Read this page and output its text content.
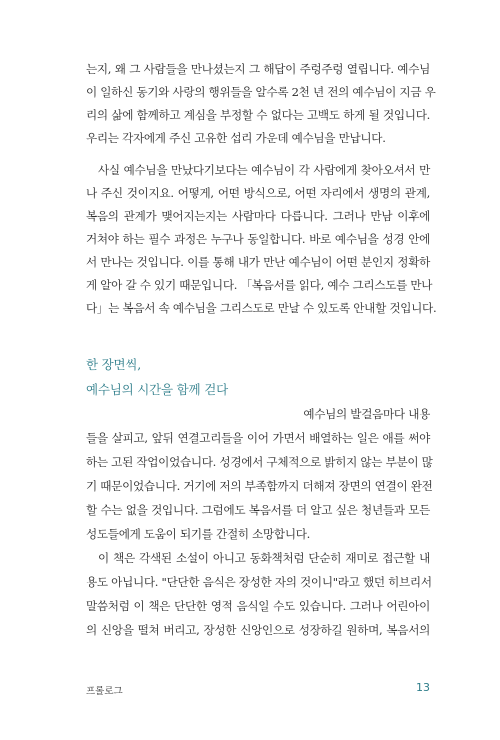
는지, 왜 그 사람들을 만나셨는지 그 해답이 주렁주렁 열립니다. 예수님

이 일하신 동기와 사랑의 행위들을 알수록 2천 년 전의 예수님이 지금 우

리의 삶에 함께하고 계심을 부정할 수 없다는 고백도 하게 될 것입니다.

우리는 각자에게 주신 고유한 섭리 가운데 예수님을 만납니다.

사실 예수님을 만났다기보다는 예수님이 각 사람에게 찾아오셔서 만

나 주신 것이지요. 어떻게, 어떤 방식으로, 어떤 자리에서 생명의 관계,

복음의 관계가 맺어지는지는 사람마다 다릅니다. 그러나 만남 이후에

거쳐야 하는 필수 과정은 누구나 동일합니다. 바로 예수님을 성경 안에

서 만나는 것입니다. 이를 통해 내가 만난 예수님이 어떤 분인지 정확하

게 알아 갈 수 있기 때문입니다. 「복음서를 읽다, 예수 그리스도를 만나

다」는 복음서 속 예수님을 그리스도로 만날 수 있도록 안내할 것입니다.

한 장면씩,
예수님의 시간을 함께 걷다

예수님의 발걸음마다 내용

들을 살피고, 앞뒤 연결고리들을 이어 가면서 배열하는 일은 애를 써야

하는 고된 작업이었습니다. 성경에서 구체적으로 밝히지 않는 부분이 많

기 때문이었습니다. 거기에 저의 부족함까지 더해져 장면의 연결이 완전

할 수는 없을 것입니다. 그럼에도 복음서를 더 알고 싶은 청년들과 모든

성도들에게 도움이 되기를 간절히 소망합니다.

이 책은 각색된 소설이 아니고 동화책처럼 단순히 재미로 접근할 내

용도 아닙니다. "단단한 음식은 장성한 자의 것이니"라고 했던 히브리서

말씀처럼 이 책은 단단한 영적 음식일 수도 있습니다. 그러나 어린아이

의 신앙을 떨쳐 버리고, 장성한 신앙인으로 성장하길 원하며, 복음서의

프롤로그	13
